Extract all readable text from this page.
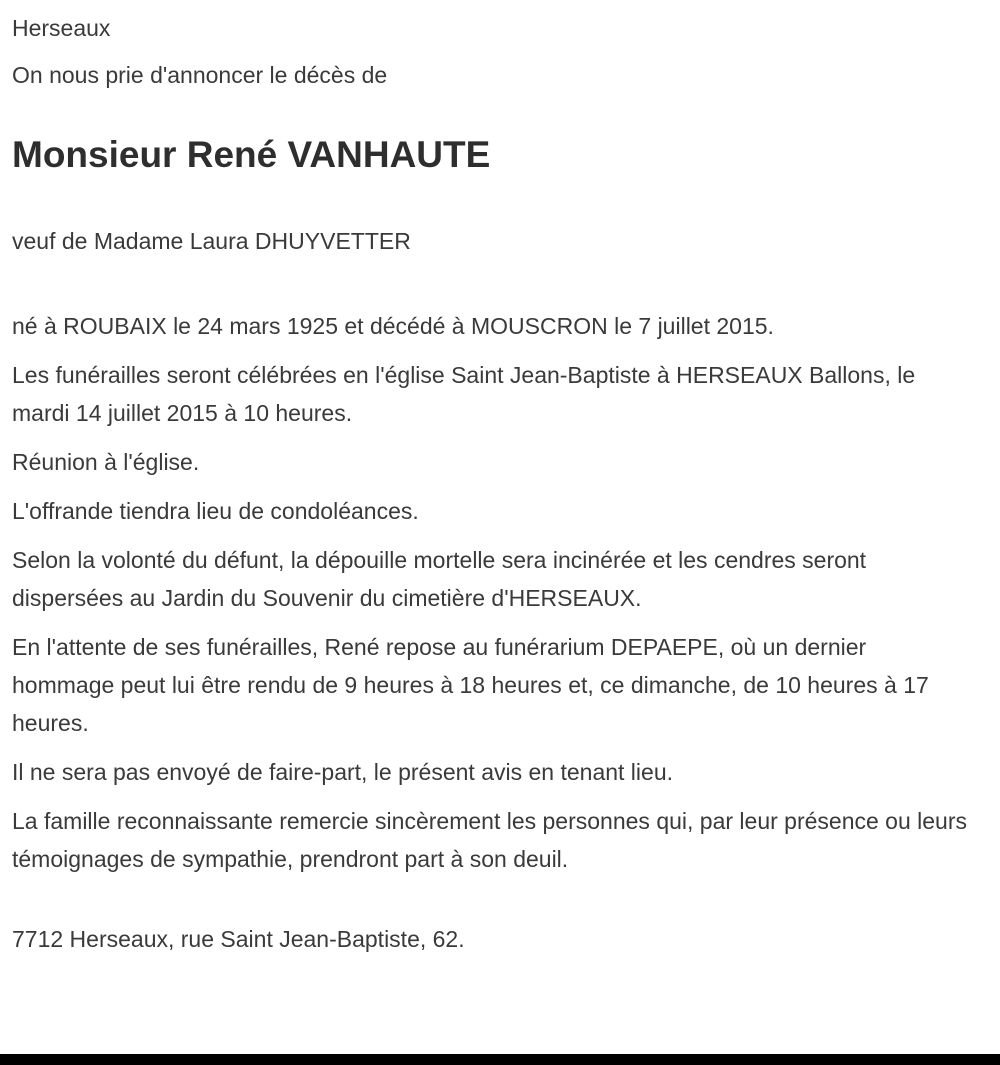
Herseaux

On nous prie d'annoncer le décès de

Monsieur René VANHAUTE

veuf de Madame Laura DHUYVETTER

né à ROUBAIX le 24 mars 1925 et décédé à MOUSCRON le 7 juillet 2015.

Les funérailles seront célébrées en l'église Saint Jean-Baptiste à HERSEAUX Ballons, le mardi 14 juillet 2015 à 10 heures.

Réunion à l'église.

L'offrande tiendra lieu de condoléances.

Selon la volonté du défunt, la dépouille mortelle sera incinérée et les cendres seront dispersées au Jardin du Souvenir du cimetière d'HERSEAUX.

En l'attente de ses funérailles, René repose au funérarium DEPAEPE, où un dernier hommage peut lui être rendu de 9 heures à 18 heures et, ce dimanche, de 10 heures à 17 heures.

Il ne sera pas envoyé de faire-part, le présent avis en tenant lieu.

La famille reconnaissante remercie sincèrement les personnes qui, par leur présence ou leurs témoignages de sympathie, prendront part à son deuil.

7712 Herseaux, rue Saint Jean-Baptiste, 62.
